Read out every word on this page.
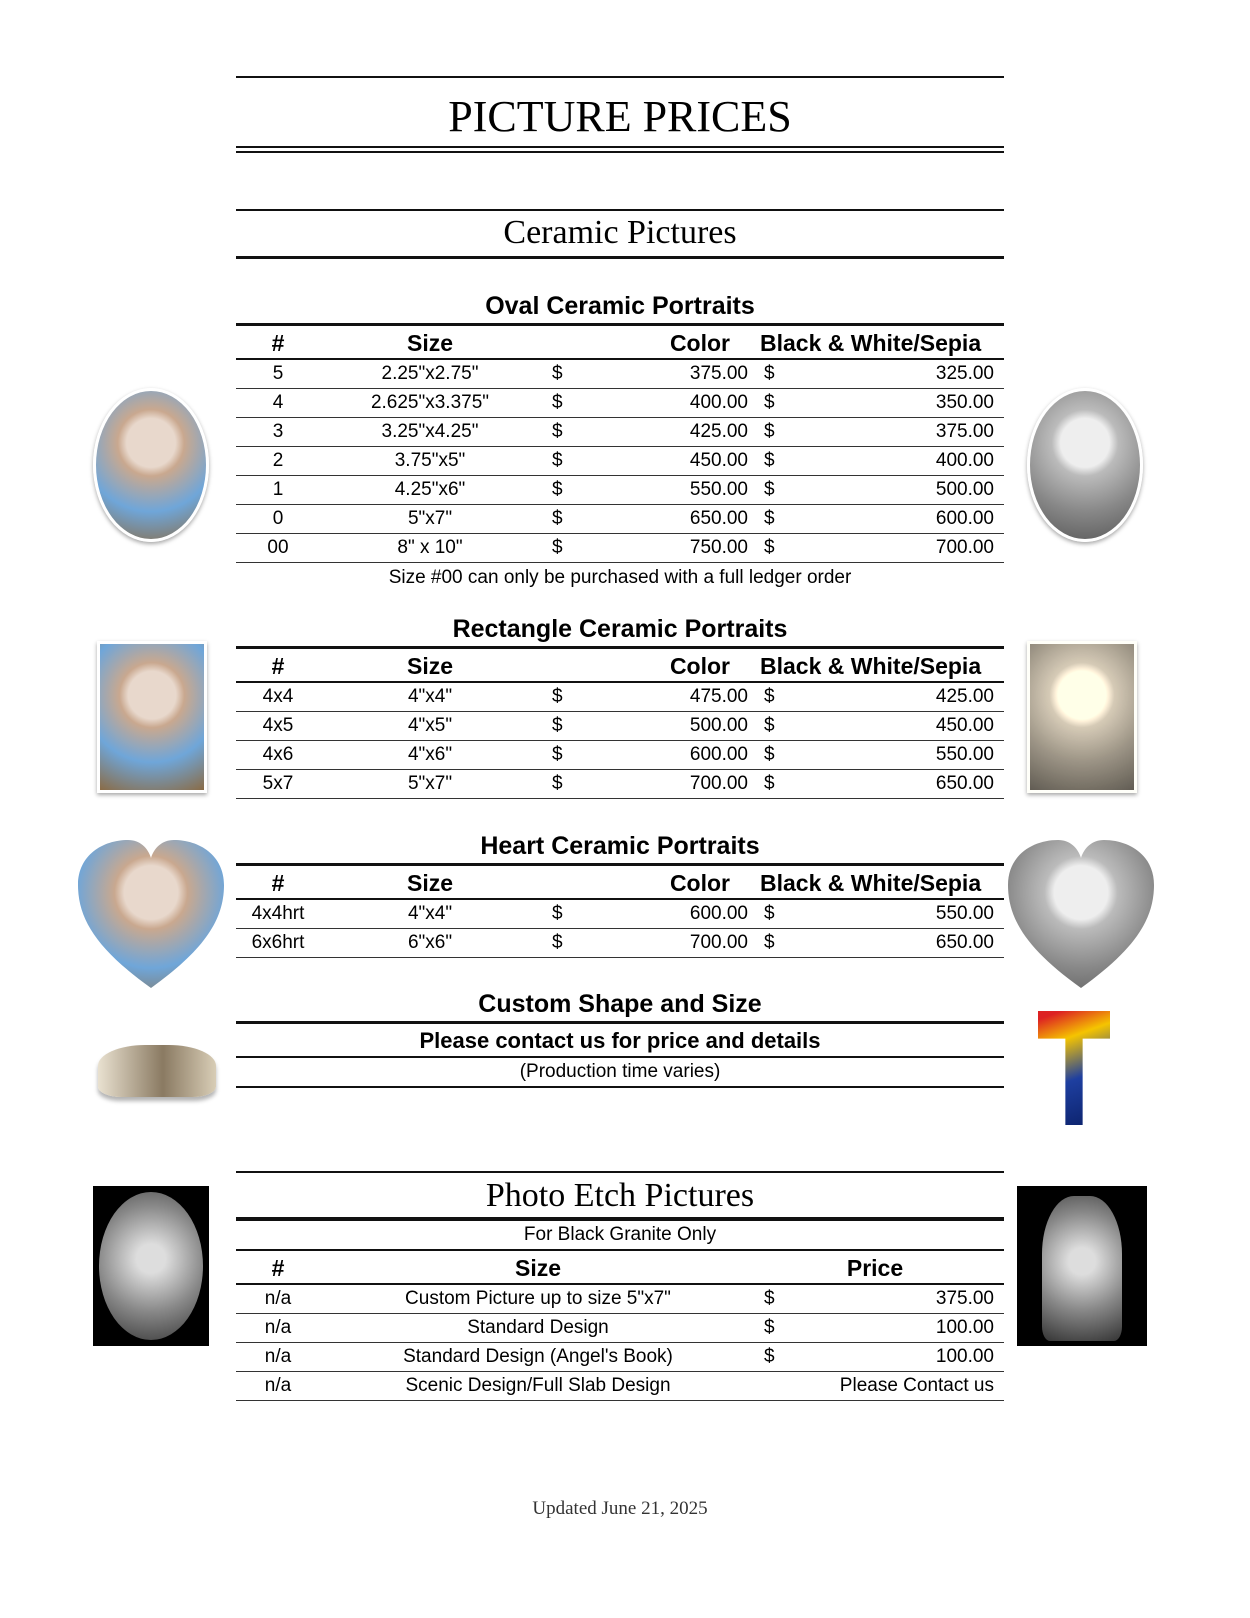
PICTURE PRICES
Ceramic Pictures
Oval Ceramic Portraits
#	Size	Color	Black & White/Sepia
5	2.25"x2.75"	$	375.00 $	325.00
4	2.625"x3.375"	$	400.00 $	350.00
3	3.25"x4.25"	$	425.00 $	375.00
2	3.75"x5"	$	450.00 $	400.00
1	4.25"x6"	$	550.00 $	500.00
0	5"x7"	$	650.00 $	600.00
00	8" x 10"	$	750.00 $	700.00
Size #00 can only be purchased with a full ledger order
Rectangle Ceramic Portraits
#	Size	Color	Black & White/Sepia
4x4	4"x4"	$	475.00 $	425.00
4x5	4"x5"	$	500.00 $	450.00
4x6	4"x6"	$	600.00 $	550.00
5x7	5"x7"	$	700.00 $	650.00
Heart Ceramic Portraits
#	Size	Color	Black & White/Sepia
4x4hrt	4"x4"	$	600.00 $	550.00
6x6hrt	6"x6"	$	700.00 $	650.00
Custom Shape and Size
Please contact us for price and details
(Production time varies)
Photo Etch Pictures
For Black Granite Only
#	Size	Price
n/a	Custom Picture up to size 5"x7"	$	375.00
n/a	Standard Design	$	100.00
n/a	Standard Design (Angel's Book)	$	100.00
n/a	Scenic Design/Full Slab Design	Please Contact us
Updated June 21, 2025
